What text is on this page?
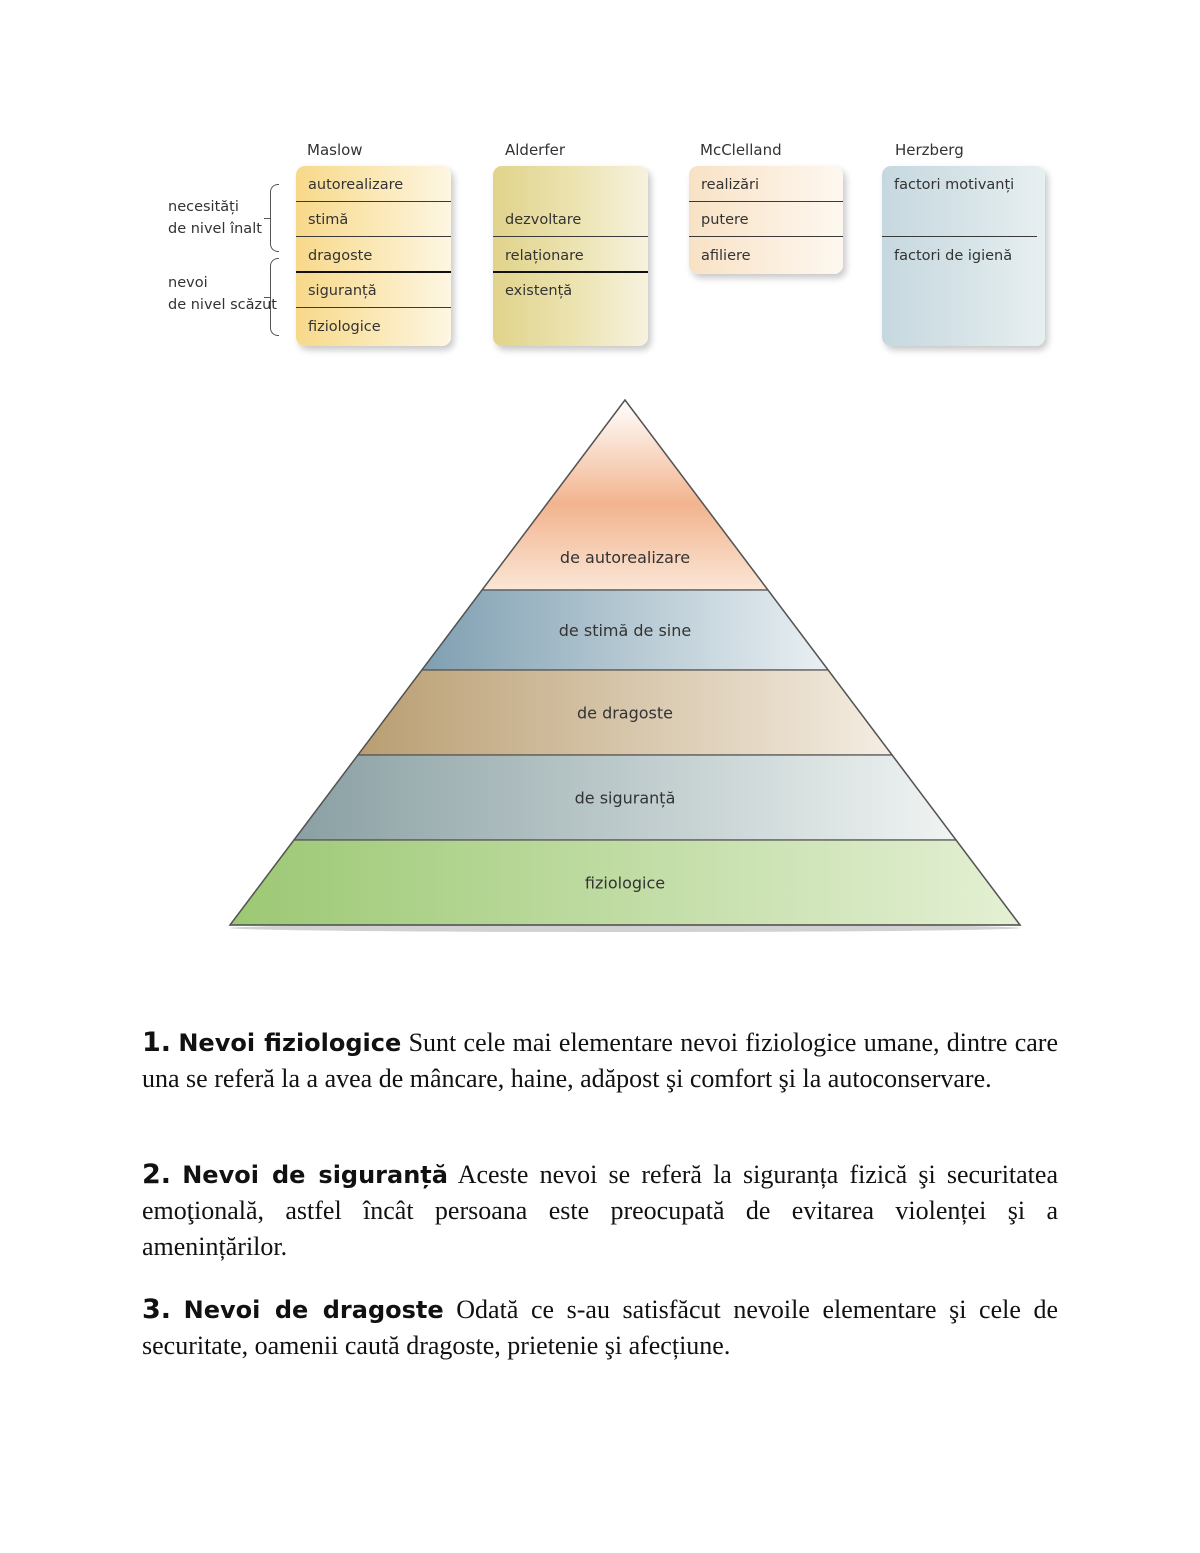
necesități
de nivel înalt
nevoi
de nivel scăzut
Maslow
autorealizare
stimă
dragoste
siguranță
fiziologice
Alderfer
dezvoltare
relaționare
existență
McClelland
realizări
putere
afiliere
Herzberg
factori motivanți
factori de igienă
de autorealizare
de stimă de sine
de dragoste
de siguranță
fiziologice

1. Nevoi fiziologice Sunt cele mai elementare nevoi fiziologice umane, dintre care una se referă la a avea de mâncare, haine, adăpost şi comfort şi la autoconservare.

2. Nevoi de siguranță Aceste nevoi se referă la siguranța fizică şi securitatea emoţională, astfel încât persoana este preocupată de evitarea violenței şi a amenințărilor.

3. Nevoi de dragoste Odată ce s-au satisfăcut nevoile elementare şi cele de securitate, oamenii caută dragoste, prietenie şi afecțiune.
